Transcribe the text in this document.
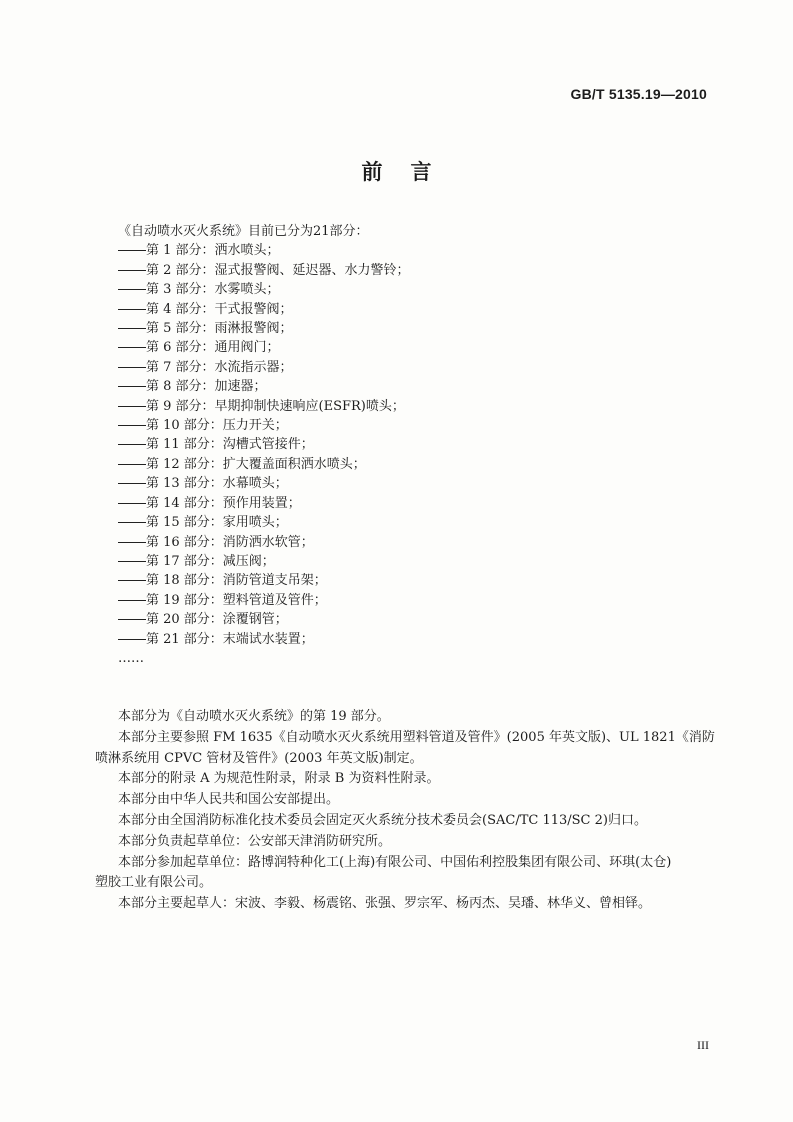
GB/T 5135.19—2010
前 言
《自动喷水灭火系统》目前已分为21部分：
第 1 部分：洒水喷头；
第 2 部分：湿式报警阀、延迟器、水力警铃；
第 3 部分：水雾喷头；
第 4 部分：干式报警阀；
第 5 部分：雨淋报警阀；
第 6 部分：通用阀门；
第 7 部分：水流指示器；
第 8 部分：加速器；
第 9 部分：早期抑制快速响应(ESFR)喷头；
第 10 部分：压力开关；
第 11 部分：沟槽式管接件；
第 12 部分：扩大覆盖面积洒水喷头；
第 13 部分：水幕喷头；
第 14 部分：预作用装置；
第 15 部分：家用喷头；
第 16 部分：消防洒水软管；
第 17 部分：减压阀；
第 18 部分：消防管道支吊架；
第 19 部分：塑料管道及管件；
第 20 部分：涂覆钢管；
第 21 部分：末端试水装置；
……
本部分为《自动喷水灭火系统》的第 19 部分。
本部分主要参照 FM 1635《自动喷水灭火系统用塑料管道及管件》(2005 年英文版)、UL 1821《消防
喷淋系统用 CPVC 管材及管件》(2003 年英文版)制定。
本部分的附录 A 为规范性附录，附录 B 为资料性附录。
本部分由中华人民共和国公安部提出。
本部分由全国消防标准化技术委员会固定灭火系统分技术委员会(SAC/TC 113/SC 2)归口。
本部分负责起草单位：公安部天津消防研究所。
本部分参加起草单位：路博润特种化工(上海)有限公司、中国佑利控股集团有限公司、环琪(太仓)
塑胶工业有限公司。
本部分主要起草人：宋波、李毅、杨震铭、张强、罗宗军、杨丙杰、吴璠、林华义、曾相铎。
III
